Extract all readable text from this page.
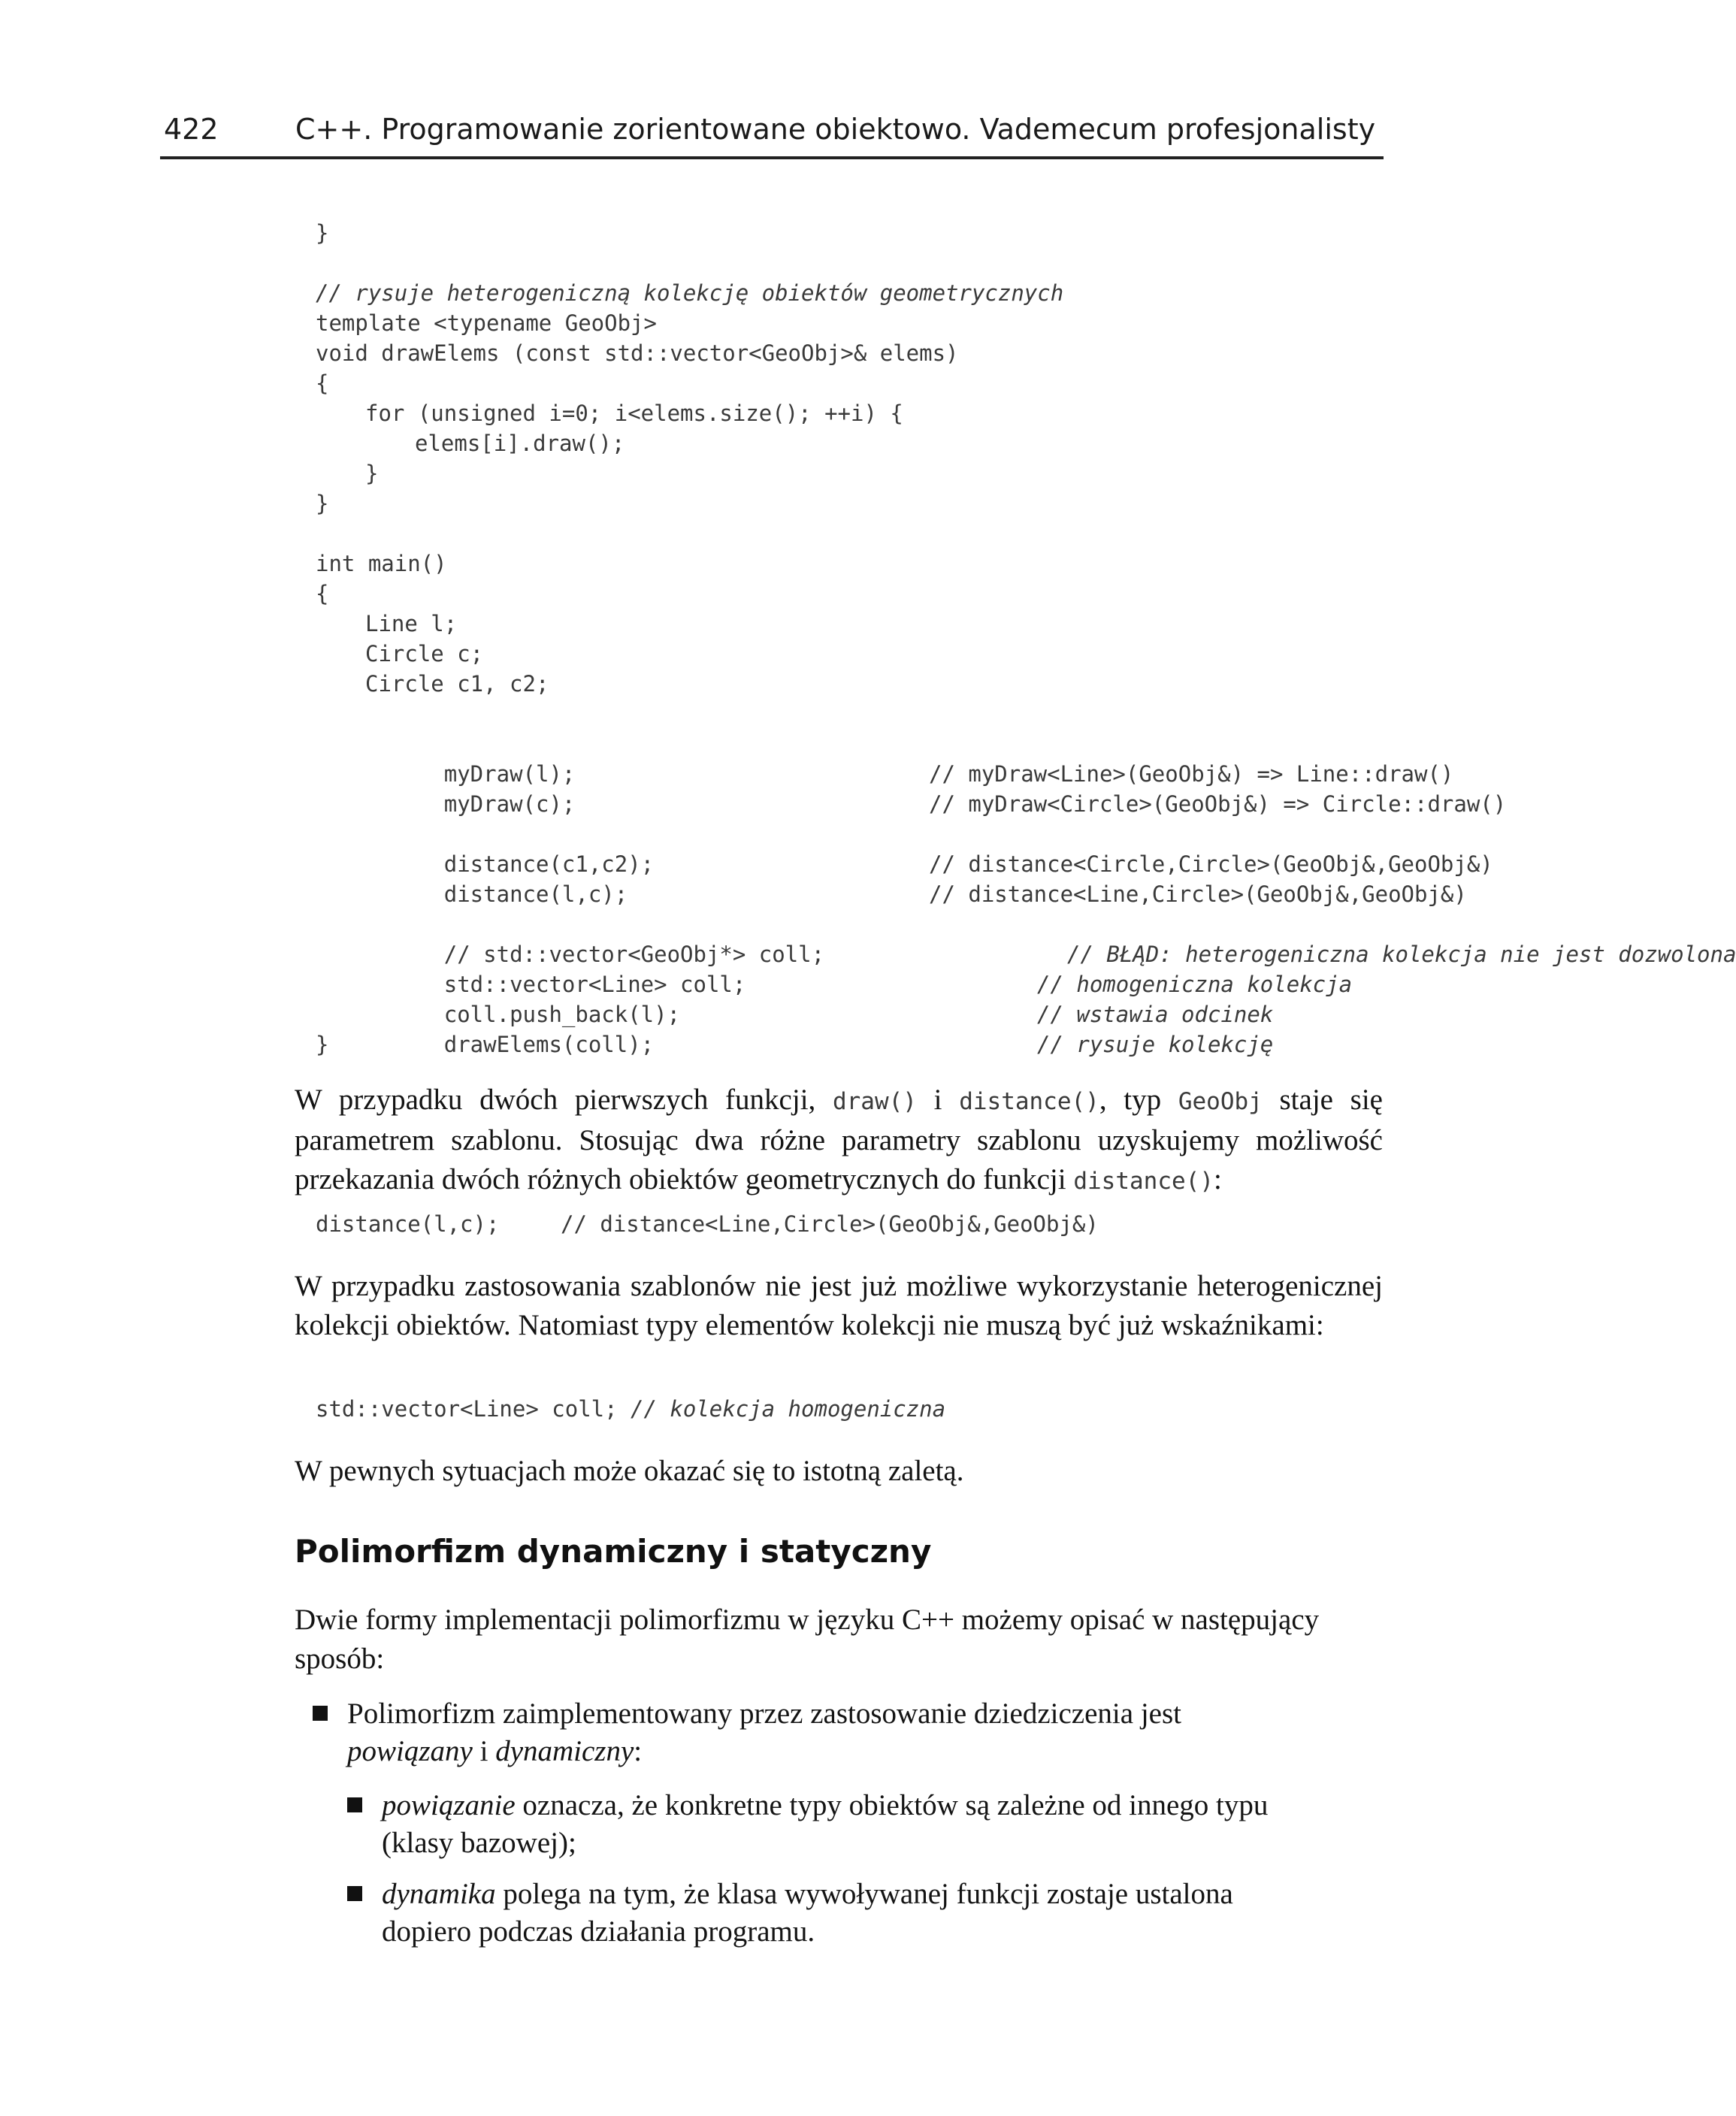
422	C++. Programowanie zorientowane obiektowo. Vademecum profesjonalisty
}
// rysuje heterogeniczną kolekcję obiektów geometrycznych
template <typename GeoObj>
void drawElems (const std::vector<GeoObj>& elems)
{
for (unsigned i=0; i<elems.size(); ++i) {
elems[i].draw();
}
}
int main()
{
Line l;
Circle c;
Circle c1, c2;

myDraw(l);	// myDraw<Line>(GeoObj&) => Line::draw()

myDraw(c);	// myDraw<Circle>(GeoObj&) => Circle::draw()

distance(c1,c2);	// distance<Circle,Circle>(GeoObj&,GeoObj&)

distance(l,c);	// distance<Line,Circle>(GeoObj&,GeoObj&)

// std::vector<GeoObj*> coll;	// BŁĄD: heterogeniczna kolekcja nie jest dozwolona

std::vector<Line> coll;	// homogeniczna kolekcja

coll.push_back(l);	// wstawia odcinek

drawElems(coll);	// rysuje kolekcję

}
W przypadku dwóch pierwszych funkcji, draw() i distance(), typ GeoObj staje się parametrem szablonu. Stosując dwa różne parametry szablonu uzyskujemy możliwość przekazania dwóch różnych obiektów geometrycznych do funkcji distance():
distance(l,c);	// distance<Line,Circle>(GeoObj&,GeoObj&)
W przypadku zastosowania szablonów nie jest już możliwe wykorzystanie heterogenicznej kolekcji obiektów. Natomiast typy elementów kolekcji nie muszą być już wskaźnikami:
std::vector<Line> coll; // kolekcja homogeniczna
W pewnych sytuacjach może okazać się to istotną zaletą.
Polimorfizm dynamiczny i statyczny
Dwie formy implementacji polimorfizmu w języku C++ możemy opisać w następujący sposób:
Polimorfizm zaimplementowany przez zastosowanie dziedziczenia jest
powiązany i dynamiczny:
powiązanie oznacza, że konkretne typy obiektów są zależne od innego typu
(klasy bazowej);
dynamika polega na tym, że klasa wywoływanej funkcji zostaje ustalona
dopiero podczas działania programu.
